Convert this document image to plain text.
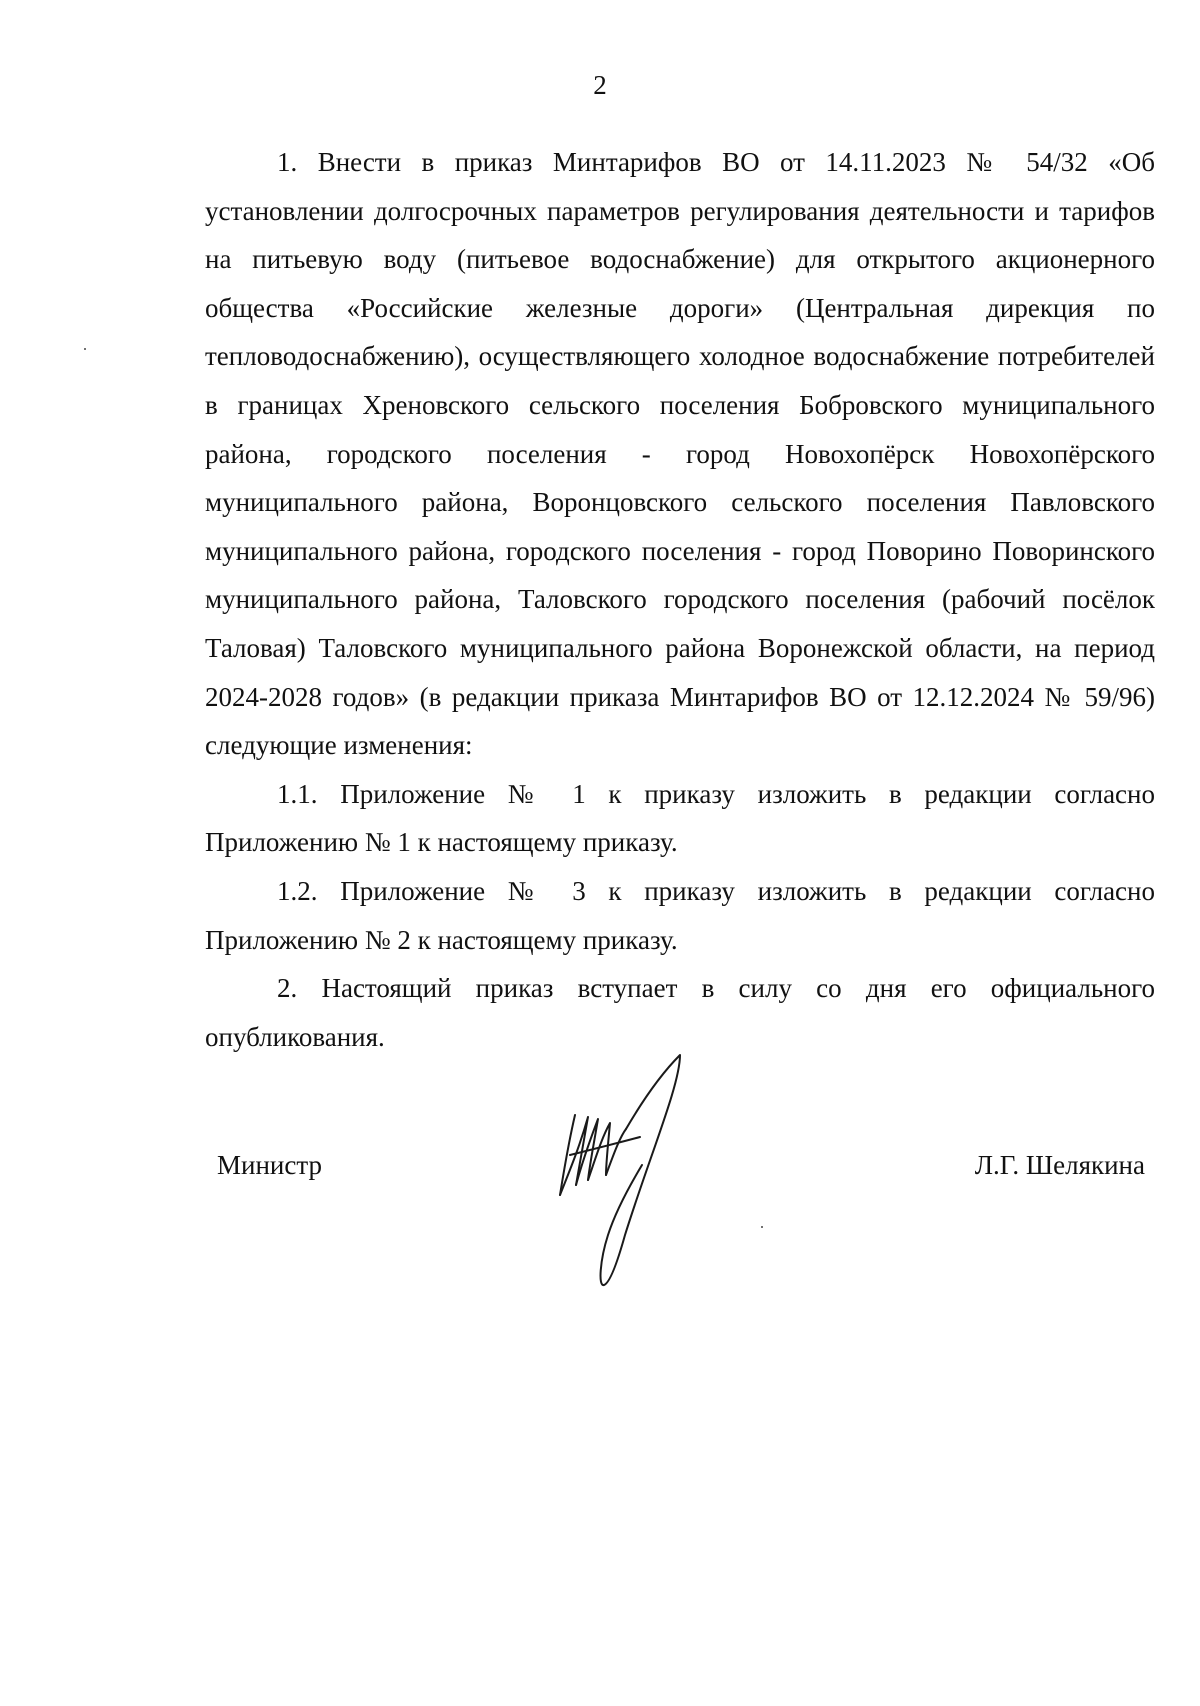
2

1. Внести в приказ Минтарифов ВО от 14.11.2023 № 54/32 «Об установлении долгосрочных параметров регулирования деятельности и тарифов на питьевую воду (питьевое водоснабжение) для открытого акционерного общества «Российские железные дороги» (Центральная дирекция по тепловодоснабжению), осуществляющего холодное водоснабжение потребителей в границах Хреновского сельского поселения Бобровского муниципального района, городского поселения - город Новохопёрск Новохопёрского муниципального района, Воронцовского сельского поселения Павловского муниципального района, городского поселения - город Поворино Поворинского муниципального района, Таловского городского поселения (рабочий посёлок Таловая) Таловского муниципального района Воронежской области, на период 2024-2028 годов» (в редакции приказа Минтарифов ВО от 12.12.2024 № 59/96) следующие изменения:

1.1. Приложение № 1 к приказу изложить в редакции согласно Приложению № 1 к настоящему приказу.

1.2. Приложение № 3 к приказу изложить в редакции согласно Приложению № 2 к настоящему приказу.

2. Настоящий приказ вступает в силу со дня его официального опубликования.

Министр	Л.Г. Шелякина
